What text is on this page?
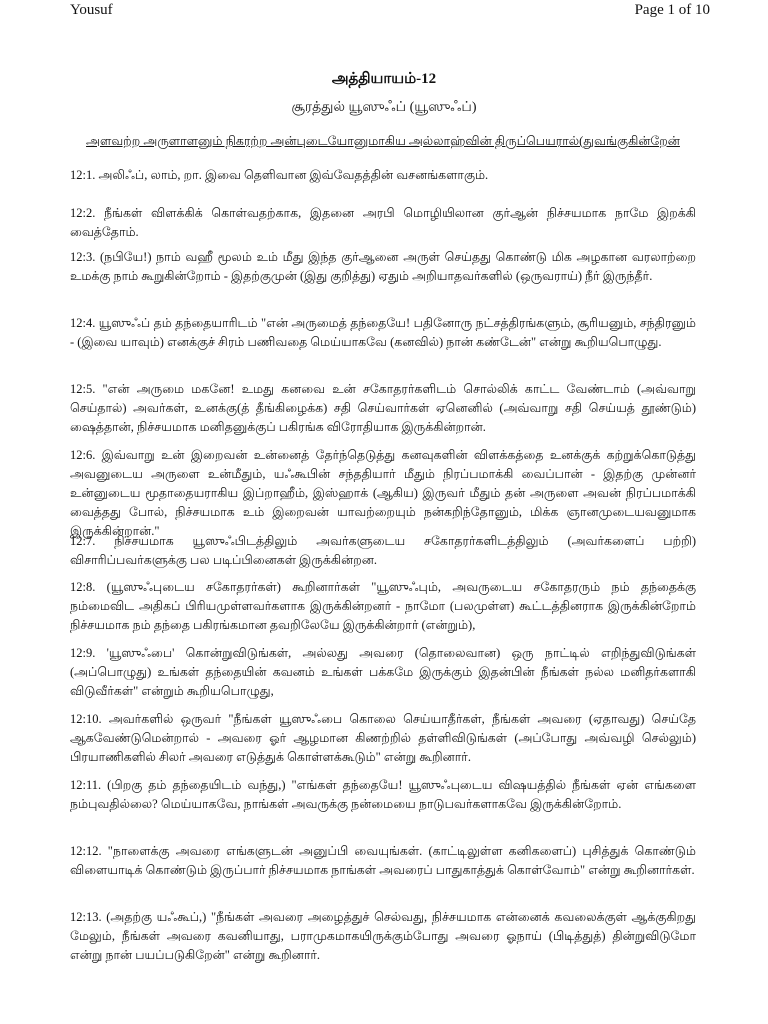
Yousuf	Page 1 of 10
அத்தியாயம்-12
சூரத்துல் யூஸுஃப் (யூஸுஃப்)
அளவற்ற அருளாளனும் நிகரற்ற அன்புடையோனுமாகிய அல்லாஹ்வின் திருப்பெயரால்(துவங்குகின்றேன்

12:1. அலிஃப், லாம், றா. இவை தெளிவான இவ்வேதத்தின் வசனங்களாகும்.

12:2. நீங்கள் விளக்கிக் கொள்வதற்காக, இதனை அரபி மொழியிலான குர்ஆன் நிச்சயமாக நாமே இறக்கி வைத்தோம்.

12:3. (நபியே!) நாம் வஹீ மூலம் உம் மீது இந்த குர்ஆனை அருள் செய்தது கொண்டு மிக அழகான வரலாற்றை உமக்கு நாம் கூறுகின்றோம் - இதற்குமுன் (இது குறித்து) ஏதும் அறியாதவர்களில் (ஒருவராய்) நீர் இருந்தீர்.

12:4. யூஸுஃப் தம் தந்தையாரிடம் "என் அருமைத் தந்தையே! பதினோரு நட்சத்திரங்களும், சூரியனும், சந்திரனும் - (இவை யாவும்) எனக்குச் சிரம் பணிவதை மெய்யாகவே (கனவில்) நான் கண்டேன்" என்று கூறியபொழுது.

12:5. "என் அருமை மகனே! உமது கனவை உன் சகோதரர்களிடம் சொல்லிக் காட்ட வேண்டாம் (அவ்வாறு செய்தால்) அவர்கள், உனக்கு(த் தீங்கிழைக்க) சதி செய்வார்கள் ஏனெனில் (அவ்வாறு சதி செய்யத் தூண்டும்) ஷைத்தான், நிச்சயமாக மனிதனுக்குப் பகிரங்க விரோதியாக இருக்கின்றான்.

12:6. இவ்வாறு உன் இறைவன் உன்னைத் தேர்ந்தெடுத்து கனவுகளின் விளக்கத்தை உனக்குக் கற்றுக்கொடுத்து அவனுடைய அருளை உன்மீதும், யஃகூபின் சந்ததியார் மீதும் நிரப்பமாக்கி வைப்பான் - இதற்கு முன்னர் உன்னுடைய மூதாதையராகிய இப்றாஹீம், இஸ்ஹாக் (ஆகிய) இருவர் மீதும் தன் அருளை அவன் நிரப்பமாக்கி வைத்தது போல், நிச்சயமாக உம் இறைவன் யாவற்றையும் நன்கறிந்தோனும், மிக்க ஞானமுடையவனுமாக இருக்கின்றான்."

12:7. நிச்சயமாக யூஸுஃபிடத்திலும் அவர்களுடைய சகோதரர்களிடத்திலும் (அவர்களைப் பற்றி) விசாரிப்பவர்களுக்கு பல படிப்பினைகள் இருக்கின்றன.

12:8. (யூஸுஃபுடைய சகோதரர்கள்) கூறினார்கள் "யூஸுஃபும், அவருடைய சகோதரரும் நம் தந்தைக்கு நம்மைவிட அதிகப் பிரியமுள்ளவர்களாக இருக்கின்றனர் - நாமோ (பலமுள்ள) கூட்டத்தினராக இருக்கின்றோம் நிச்சயமாக நம் தந்தை பகிரங்கமான தவறிலேயே இருக்கின்றார் (என்றும்),

12:9. 'யூஸுஃபை' கொன்றுவிடுங்கள், அல்லது அவரை (தொலைவான) ஒரு நாட்டில் எறிந்துவிடுங்கள் (அப்பொழுது) உங்கள் தந்தையின் கவனம் உங்கள் பக்கமே இருக்கும் இதன்பின் நீங்கள் நல்ல மனிதர்களாகி விடுவீர்கள்" என்றும் கூறியபொழுது,

12:10. அவர்களில் ஒருவர் "நீங்கள் யூஸுஃபை கொலை செய்யாதீர்கள், நீங்கள் அவரை (ஏதாவது) செய்தே ஆகவேண்டுமென்றால் - அவரை ஓர் ஆழமான கிணற்றில் தள்ளிவிடுங்கள் (அப்போது அவ்வழி செல்லும்) பிரயாணிகளில் சிலர் அவரை எடுத்துக் கொள்ளக்கூடும்" என்று கூறினார்.

12:11. (பிறகு தம் தந்தையிடம் வந்து,) "எங்கள் தந்தையே! யூஸுஃபுடைய விஷயத்தில் நீங்கள் ஏன் எங்களை நம்புவதில்லை? மெய்யாகவே, நாங்கள் அவருக்கு நன்மையை நாடுபவர்களாகவே இருக்கின்றோம்.

12:12. "நாளைக்கு அவரை எங்களுடன் அனுப்பி வையுங்கள். (காட்டிலுள்ள கனிகளைப்) புசித்துக் கொண்டும் விளையாடிக் கொண்டும் இருப்பார் நிச்சயமாக நாங்கள் அவரைப் பாதுகாத்துக் கொள்வோம்" என்று கூறினார்கள்.

12:13. (அதற்கு யஃகூப்,) "நீங்கள் அவரை அழைத்துச் செல்வது, நிச்சயமாக என்னைக் கவலைக்குள் ஆக்குகிறது மேலும், நீங்கள் அவரை கவனியாது, பராமுகமாகயிருக்கும்போது அவரை ஓநாய் (பிடித்துத்) தின்றுவிடுமோ என்று நான் பயப்படுகிறேன்" என்று கூறினார்.
